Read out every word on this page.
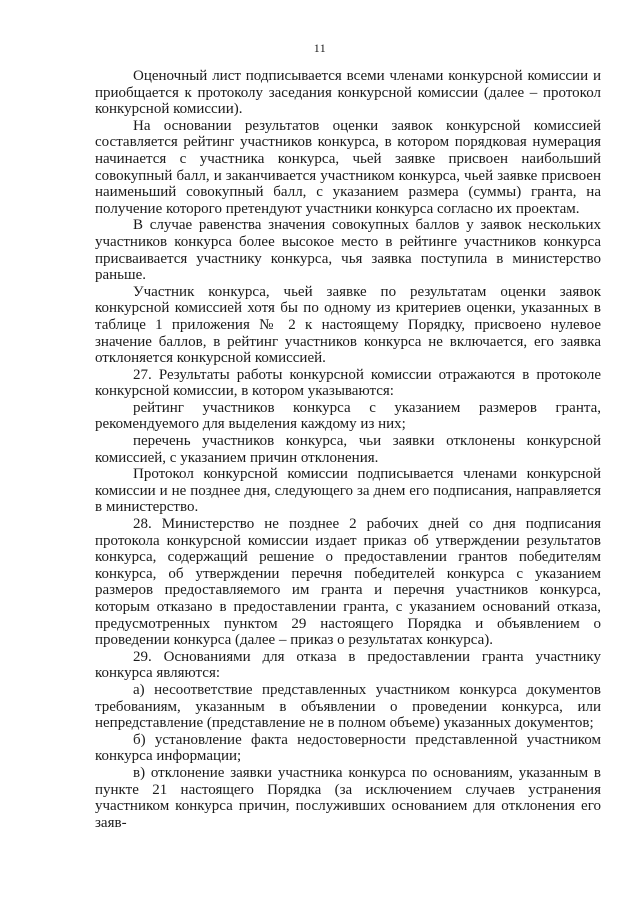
11

Оценочный лист подписывается всеми членами конкурсной комиссии и приобщается к протоколу заседания конкурсной комиссии (далее – протокол конкурсной комиссии).

На основании результатов оценки заявок конкурсной комиссией составляется рейтинг участников конкурса, в котором порядковая нумерация начинается с участника конкурса, чьей заявке присвоен наибольший совокупный балл, и заканчивается участником конкурса, чьей заявке присвоен наименьший совокупный балл, с указанием размера (суммы) гранта, на получение которого претендуют участники конкурса согласно их проектам.

В случае равенства значения совокупных баллов у заявок нескольких участников конкурса более высокое место в рейтинге участников конкурса присваивается участнику конкурса, чья заявка поступила в министерство раньше.

Участник конкурса, чьей заявке по результатам оценки заявок конкурсной комиссией хотя бы по одному из критериев оценки, указанных в таблице 1 приложения № 2 к настоящему Порядку, присвоено нулевое значение баллов, в рейтинг участников конкурса не включается, его заявка отклоняется конкурсной комиссией.

27. Результаты работы конкурсной комиссии отражаются в протоколе конкурсной комиссии, в котором указываются:

рейтинг участников конкурса с указанием размеров гранта, рекомендуемого для выделения каждому из них;

перечень участников конкурса, чьи заявки отклонены конкурсной комиссией, с указанием причин отклонения.

Протокол конкурсной комиссии подписывается членами конкурсной комиссии и не позднее дня, следующего за днем его подписания, направляется в министерство.

28. Министерство не позднее 2 рабочих дней со дня подписания протокола конкурсной комиссии издает приказ об утверждении результатов конкурса, содержащий решение о предоставлении грантов победителям конкурса, об утверждении перечня победителей конкурса с указанием размеров предоставляемого им гранта и перечня участников конкурса, которым отказано в предоставлении гранта, с указанием оснований отказа, предусмотренных пунктом 29 настоящего Порядка и объявлением о проведении конкурса (далее – приказ о результатах конкурса).

29. Основаниями для отказа в предоставлении гранта участнику конкурса являются:

а) несоответствие представленных участником конкурса документов требованиям, указанным в объявлении о проведении конкурса, или непредставление (представление не в полном объеме) указанных документов;

б) установление факта недостоверности представленной участником конкурса информации;

в) отклонение заявки участника конкурса по основаниям, указанным в пункте 21 настоящего Порядка (за исключением случаев устранения участником конкурса причин, послуживших основанием для отклонения его заяв-
